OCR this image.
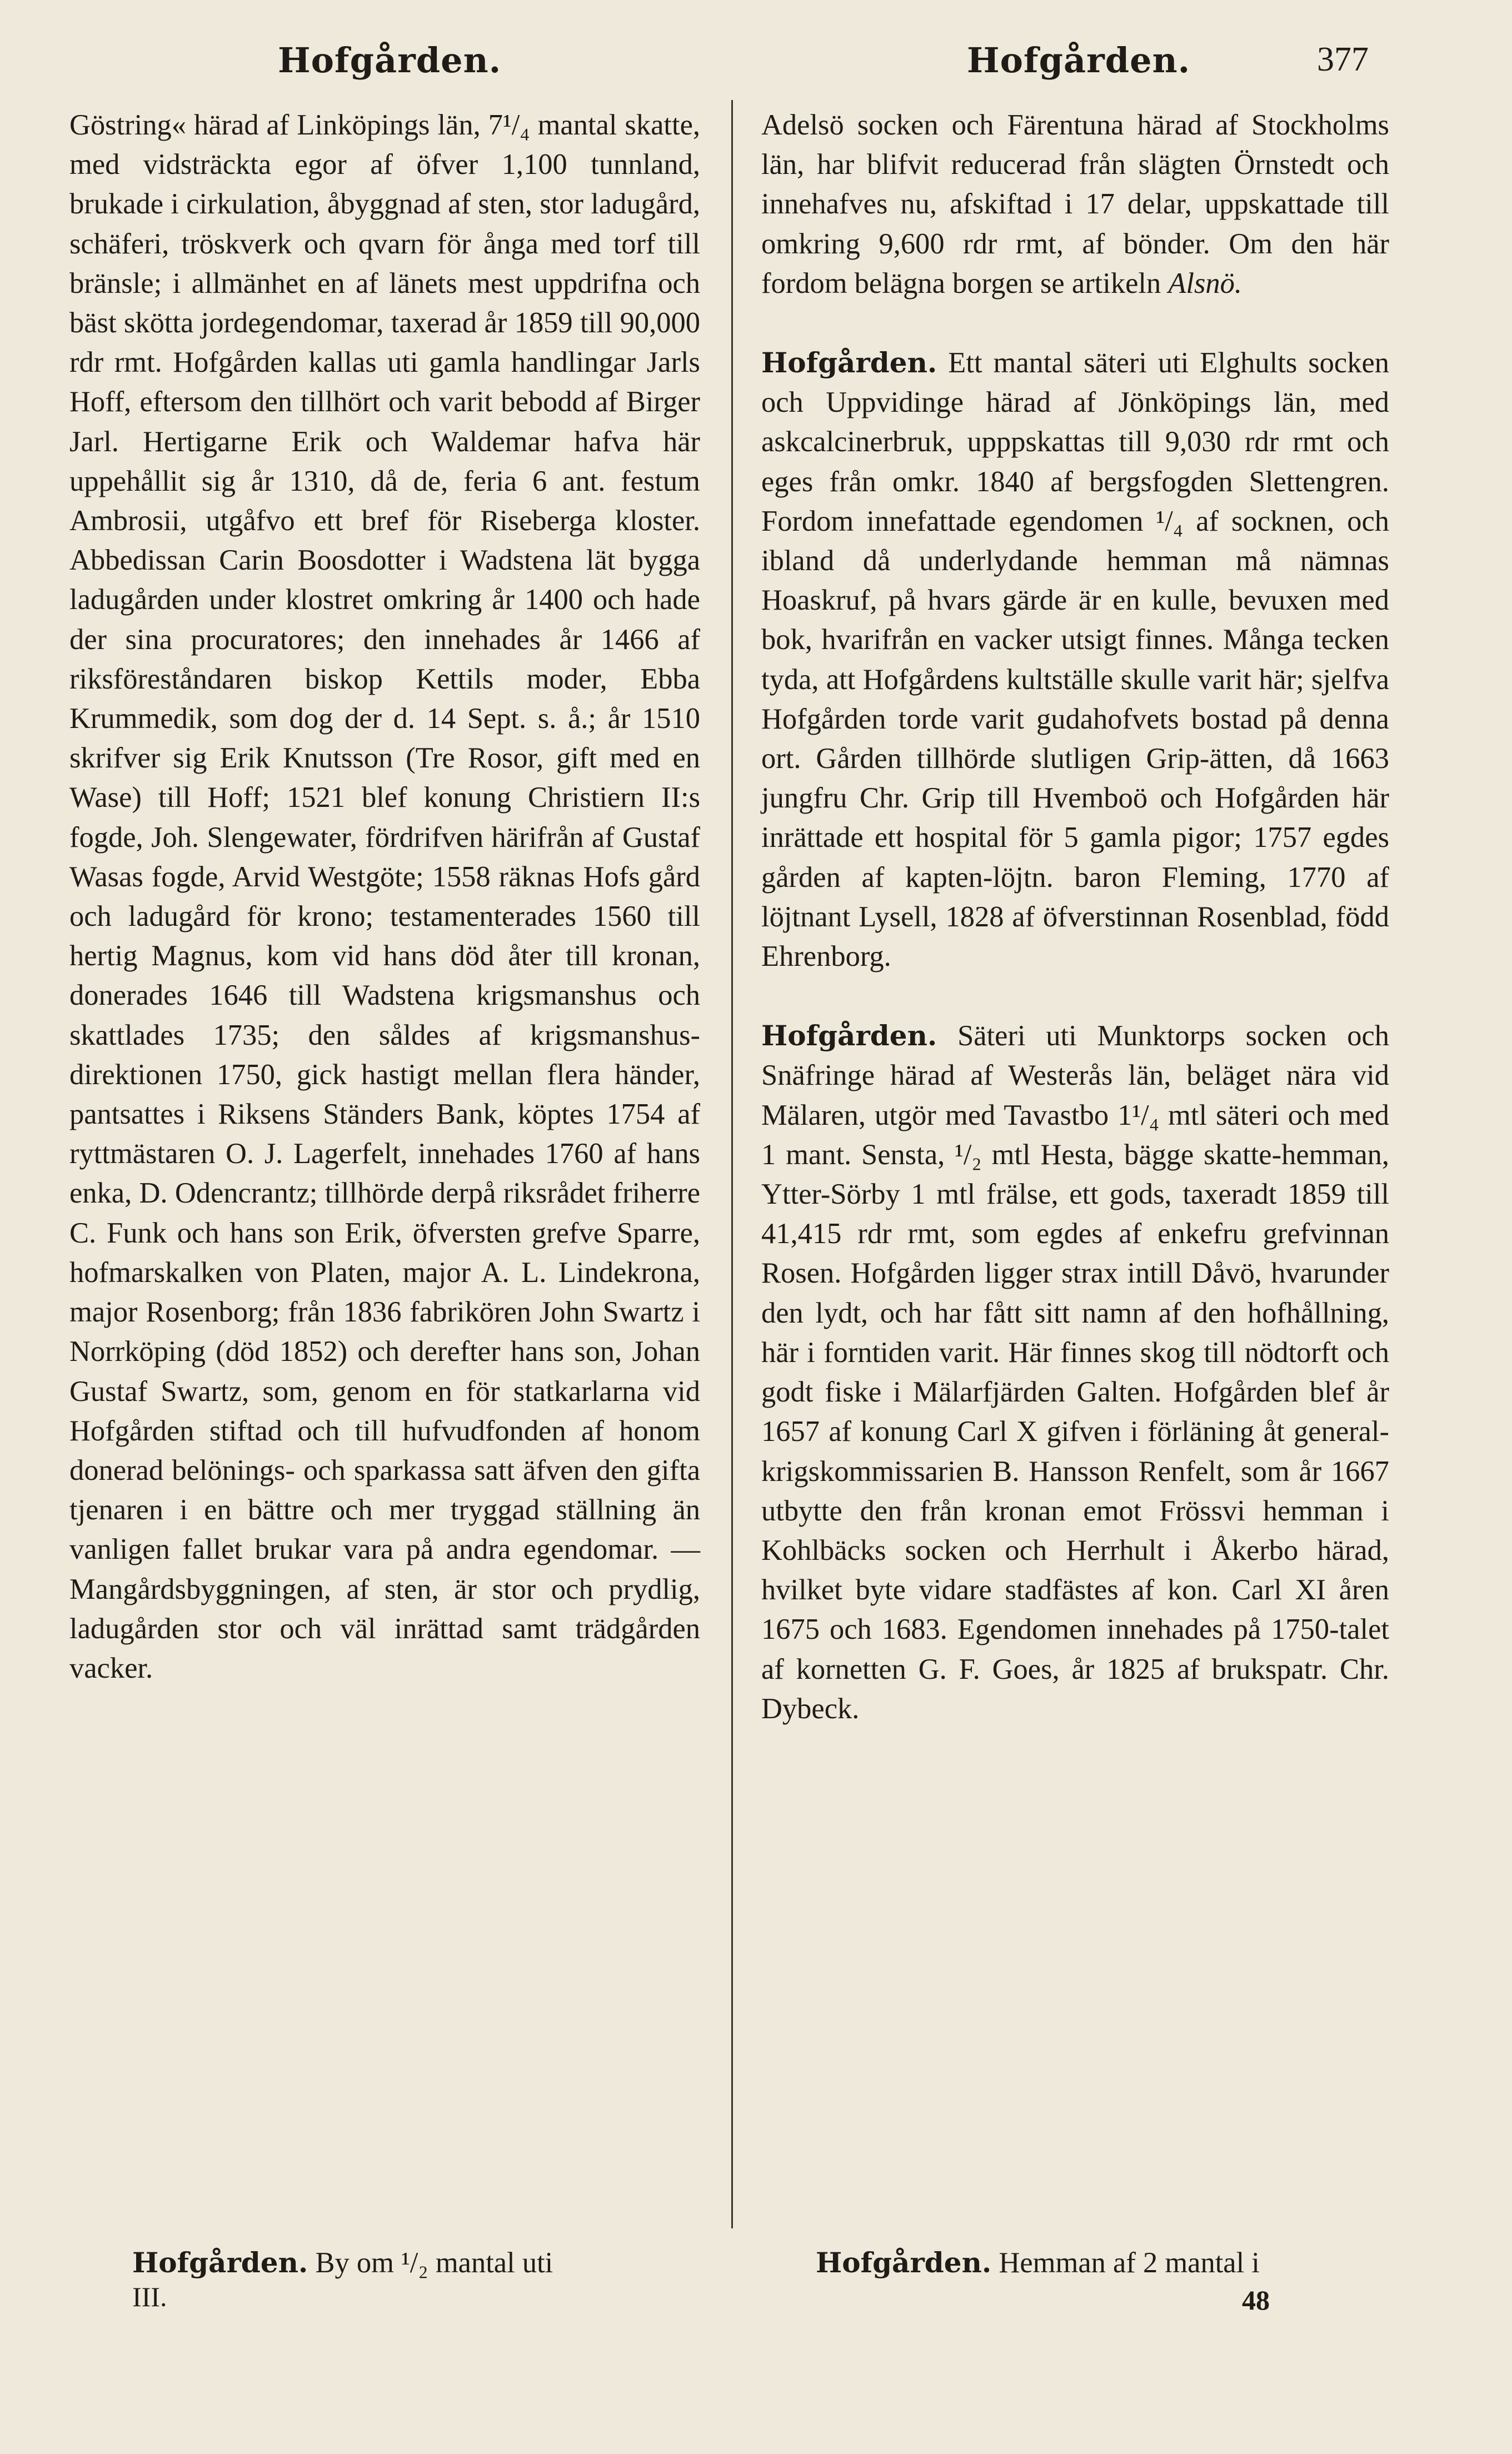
Hofgården.	Hofgården.	377

Göstring« härad af Linköpings län, 7¹/₄ mantal skatte, med vidsträckta egor af öfver 1,100 tunnland, brukade i cirkulation, åbyggnad af sten, stor ladugård, schäferi, tröskverk och qvarn för ånga med torf till bränsle; i allmänhet en af länets mest uppdrifna och bäst skötta jordegendomar, taxerad år 1859 till 90,000 rdr rmt. Hofgården kallas uti gamla handlingar Jarls Hoff, eftersom den tillhört och varit bebodd af Birger Jarl. Hertigarne Erik och Waldemar hafva här uppehållit sig år 1310, då de, feria 6 ant. festum Ambrosii, utgåfvo ett bref för Riseberga kloster. Abbedissan Carin Boosdotter i Wadstena lät bygga ladugården under klostret omkring år 1400 och hade der sina procuratores; den innehades år 1466 af riksföreståndaren biskop Kettils moder, Ebba Krummedik, som dog der d. 14 Sept. s. å.; år 1510 skrifver sig Erik Knutsson (Tre Rosor, gift med en Wase) till Hoff; 1521 blef konung Christiern II:s fogde, Joh. Slengewater, fördrifven härifrån af Gustaf Wasas fogde, Arvid Westgöte; 1558 räknas Hofs gård och ladugård för krono; testamenterades 1560 till hertig Magnus, kom vid hans död åter till kronan, donerades 1646 till Wadstena krigsmanshus och skattlades 1735; den såldes af krigsmanshus-direktionen 1750, gick hastigt mellan flera händer, pantsattes i Riksens Ständers Bank, köptes 1754 af ryttmästaren O. J. Lagerfelt, innehades 1760 af hans enka, D. Odencrantz; tillhörde derpå riksrådet friherre C. Funk och hans son Erik, öfversten grefve Sparre, hofmarskalken von Platen, major A. L. Lindekrona, major Rosenborg; från 1836 fabrikören John Swartz i Norrköping (död 1852) och derefter hans son, Johan Gustaf Swartz, som, genom en för statkarlarna vid Hofgården stiftad och till hufvudfonden af honom donerad belönings- och sparkassa satt äfven den gifta tjenaren i en bättre och mer tryggad ställning än vanligen fallet brukar vara på andra egendomar. — Mangårdsbyggningen, af sten, är stor och prydlig, ladugården stor och väl inrättad samt trädgården vacker.

Adelsö socken och Färentuna härad af Stockholms län, har blifvit reducerad från slägten Örnstedt och innehafves nu, afskiftad i 17 delar, uppskattade till omkring 9,600 rdr rmt, af bönder. Om den här fordom belägna borgen se artikeln Alsnö.

Hofgården. Ett mantal säteri uti Elghults socken och Uppvidinge härad af Jönköpings län, med askcalcinerbruk, upppskattas till 9,030 rdr rmt och eges från omkr. 1840 af bergsfogden Slettengren. Fordom innefattade egendomen ¹/₄ af socknen, och ibland då underlydande hemman må nämnas Hoaskruf, på hvars gärde är en kulle, bevuxen med bok, hvarifrån en vacker utsigt finnes. Många tecken tyda, att Hofgårdens kultställe skulle varit här; sjelfva Hofgården torde varit gudahofvets bostad på denna ort. Gården tillhörde slutligen Grip-ätten, då 1663 jungfru Chr. Grip till Hvemboö och Hofgården här inrättade ett hospital för 5 gamla pigor; 1757 egdes gården af kapten-löjtn. baron Fleming, 1770 af löjtnant Lysell, 1828 af öfverstinnan Rosenblad, född Ehrenborg.

Hofgården. Säteri uti Munktorps socken och Snäfringe härad af Westerås län, beläget nära vid Mälaren, utgör med Tavastbo 1¹/₄ mtl säteri och med 1 mant. Sensta, ¹/₂ mtl Hesta, bägge skatte-hemman, Ytter-Sörby 1 mtl frälse, ett gods, taxeradt 1859 till 41,415 rdr rmt, som egdes af enkefru grefvinnan Rosen. Hofgården ligger strax intill Dåvö, hvarunder den lydt, och har fått sitt namn af den hofhållning, här i forntiden varit. Här finnes skog till nödtorft och godt fiske i Mälarfjärden Galten. Hofgården blef år 1657 af konung Carl X gifven i förläning åt general-krigskommissarien B. Hansson Renfelt, som år 1667 utbytte den från kronan emot Frössvi hemman i Kohlbäcks socken och Herrhult i Åkerbo härad, hvilket byte vidare stadfästes af kon. Carl XI åren 1675 och 1683. Egendomen innehades på 1750-talet af kornetten G. F. Goes, år 1825 af brukspatr. Chr. Dybeck.

Hofgården. By om ¹/₂ mantal uti
III.
Hofgården. Hemman af 2 mantal i
48
